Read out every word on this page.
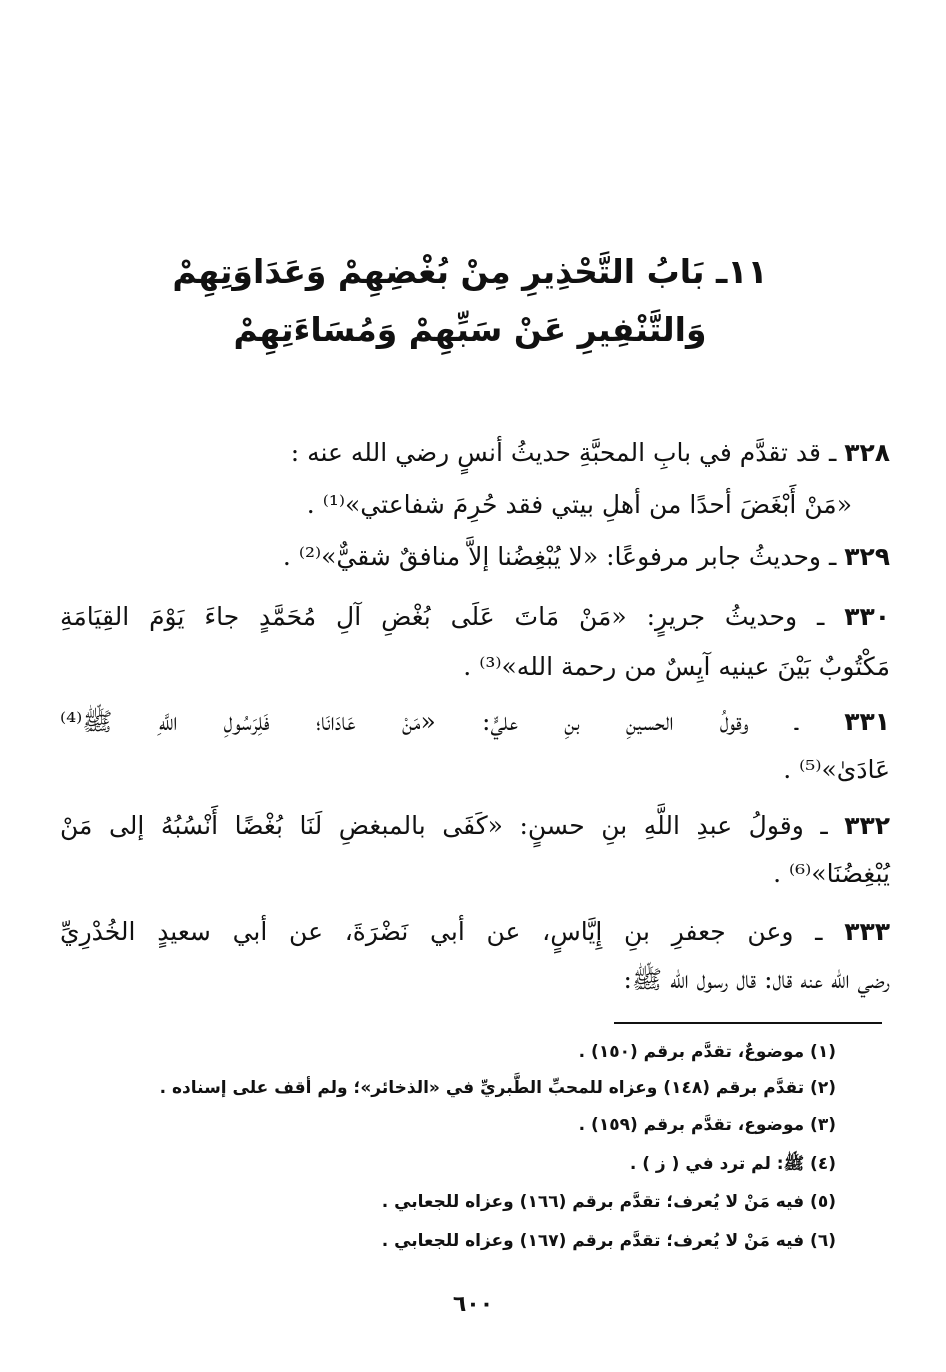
١١ـ بَابُ التَّحْذِيرِ مِنْ بُغْضِهِمْ وَعَدَاوَتِهِمْ
وَالتَّنْفِيرِ عَنْ سَبِّهِمْ وَمُسَاءَتِهِمْ
٣٢٨ ـ قد تقدَّم في بابِ المحبَّةِ حديثُ أنسٍ رضي الله عنه :
«مَنْ أَبْغَضَ أحدًا من أهلِ بيتي فقد حُرِمَ شفاعتي»⁽¹⁾ .
٣٢٩ ـ وحديثُ جابر مرفوعًا: «لا يُبْغِضُنا إلاَّ منافقٌ شقيٌّ»⁽²⁾ .
٣٣٠ ـ وحديثُ جريرٍ: «مَنْ مَاتَ عَلَى بُغْضِ آلِ مُحَمَّدٍ جاءَ يَوْمَ القِيَامَةِ
مَكْتُوبٌ بَيْنَ عينيه آيِسٌ من رحمة الله»⁽³⁾ .
٣٣١ ـ وقولُ الحسينِ بنِ عليٍّ: «مَنْ عَادَانَا؛ فَلِرَسُولِ اللَّهِ ﷺ⁽⁴⁾
عَادَىٰ»⁽⁵⁾ .
٣٣٢ ـ وقولُ عبدِ اللَّهِ بنِ حسنٍ: «كَفَى بالمبغضِ لَنَا بُغْضًا أَنْسُبُهُ إلى مَنْ
يُبْغِضُنَا»⁽⁶⁾ .
٣٣٣ ـ وعن جعفرِ بنِ إِيَّاسٍ، عن أبي نَضْرَةَ، عن أبي سعيدٍ الخُدْرِيِّ
رضي الله عنه قال: قال رسول الله ﷺ:
(١) موضوعٌ، تقدَّم برقم (١٥٠) .
(٢) تقدَّم برقم (١٤٨) وعزاه للمحبِّ الطَّبريِّ في «الذخائر»؛ ولم أقف على إسناده .
(٣) موضوع، تقدَّم برقم (١٥٩) .
(٤) ﷺ: لم ترد في ( ز ) .
(٥) فيه مَنْ لا يُعرف؛ تقدَّم برقم (١٦٦) وعزاه للجعابي .
(٦) فيه مَنْ لا يُعرف؛ تقدَّم برقم (١٦٧) وعزاه للجعابي .
٦٠٠
